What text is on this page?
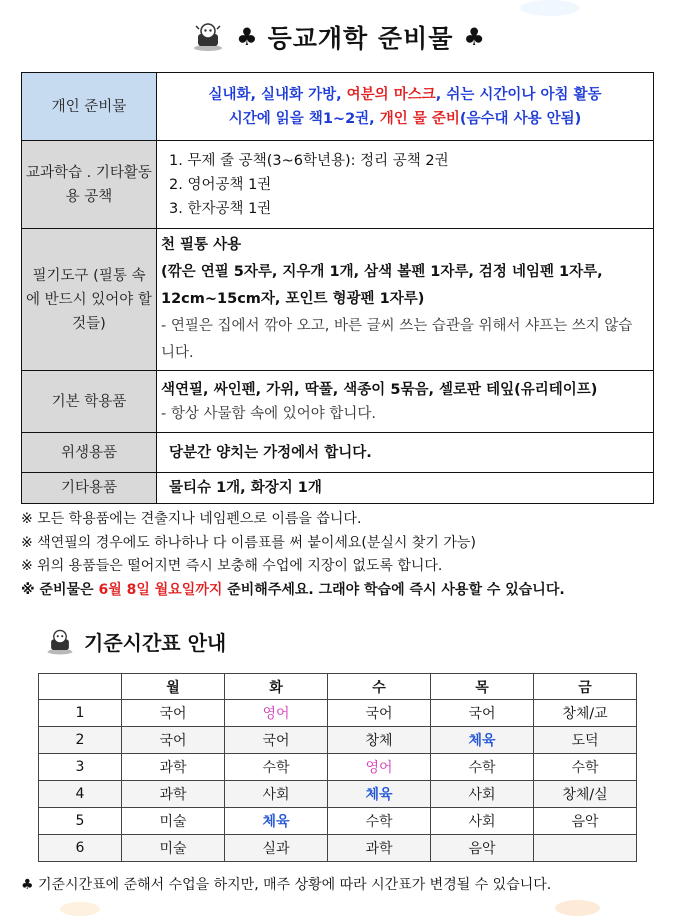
♣ 등교개학 준비물 ♣
개인 준비물	실내화, 실내화 가방, 여분의 마스크, 쉬는 시간이나 아침 활동
시간에 읽을 책1~2권, 개인 물 준비(음수대 사용 안됨)
교과학습 . 기타활동용 공책	1. 무제 줄 공책(3~6학년용): 정리 공책 2권
2. 영어공책 1권
3. 한자공책 1권

필기도구 (필통 속에 반드시 있어야 할 것들)	천 필통 사용
(깎은 연필 5자루, 지우개 1개, 삼색 볼펜 1자루, 검정 네임펜 1자루, 12cm~15cm자, 포인트 형광펜 1자루)
- 연필은 집에서 깎아 오고, 바른 글씨 쓰는 습관을 위해서 샤프는 쓰지 않습니다.

기본 학용품	색연필, 싸인펜, 가위, 딱풀, 색종이 5묶음, 셀로판 테잎(유리테이프)
- 항상 사물함 속에 있어야 합니다.

위생용품	당분간 양치는 가정에서 합니다.
기타용품	물티슈 1개, 화장지 1개

※ 모든 학용품에는 견출지나 네임펜으로 이름을 씁니다.

※ 색연필의 경우에도 하나하나 다 이름표를 써 붙이세요(분실시 찾기 가능)

※ 위의 용품들은 떨어지면 즉시 보충해 수업에 지장이 없도록 합니다.

※ 준비물은 6월 8일 월요일까지 준비해주세요. 그래야 학습에 즉시 사용할 수 있습니다.

기준시간표 안내
	월	화	수	목	금
1	국어	영어	국어	국어	창체/교
2	국어	국어	창체	체육	도덕
3	과학	수학	영어	수학	수학
4	과학	사회	체육	사회	창체/실
5	미술	체육	수학	사회	음악
6	미술	실과	과학	음악	
♣ 기준시간표에 준해서 수업을 하지만, 매주 상황에 따라 시간표가 변경될 수 있습니다.
